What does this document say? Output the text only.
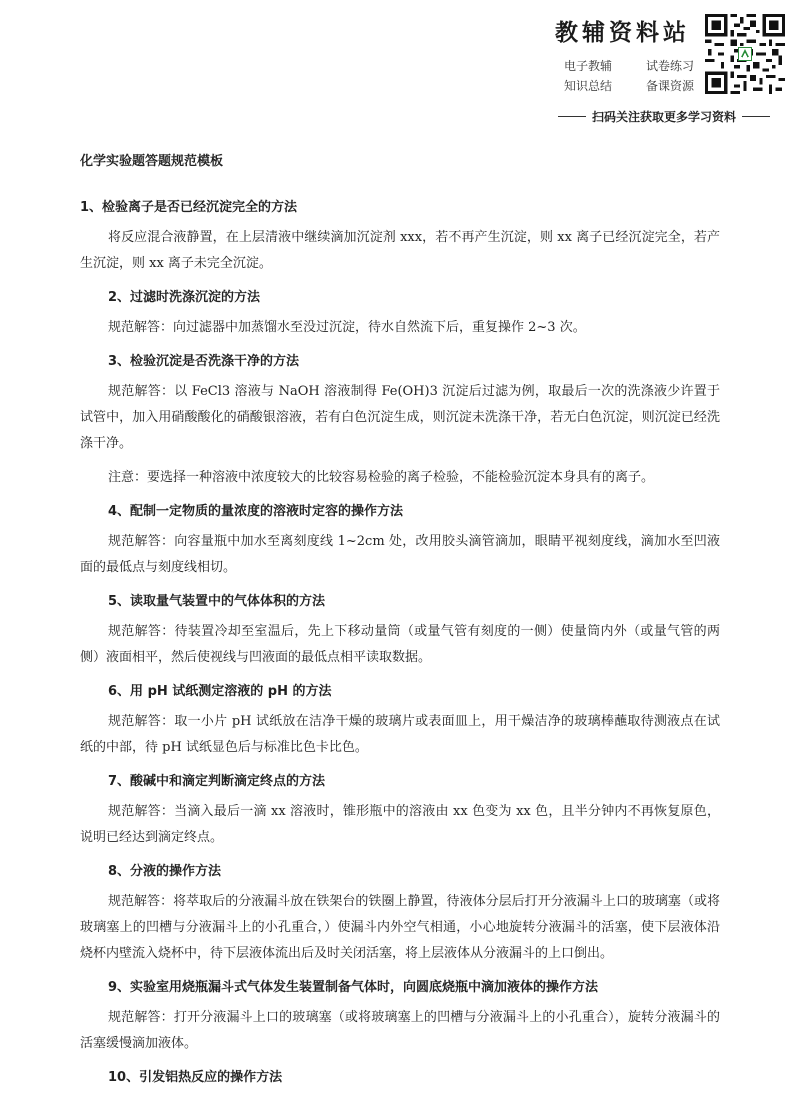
教辅资料站
电子教辅	试卷练习
知识总结	备课资源
扫码关注获取更多学习资料
化学实验题答题规范模板
1、检验离子是否已经沉淀完全的方法

将反应混合液静置，在上层清液中继续滴加沉淀剂 xxx，若不再产生沉淀，则 xx 离子已经沉淀完全，若产生沉淀，则 xx 离子未完全沉淀。

2、过滤时洗涤沉淀的方法

规范解答：向过滤器中加蒸馏水至没过沉淀，待水自然流下后，重复操作 2~3 次。

3、检验沉淀是否洗涤干净的方法

规范解答：以 FeCl3 溶液与 NaOH 溶液制得 Fe(OH)3 沉淀后过滤为例，取最后一次的洗涤液少许置于试管中，加入用硝酸酸化的硝酸银溶液，若有白色沉淀生成，则沉淀未洗涤干净，若无白色沉淀，则沉淀已经洗涤干净。

注意：要选择一种溶液中浓度较大的比较容易检验的离子检验，不能检验沉淀本身具有的离子。

4、配制一定物质的量浓度的溶液时定容的操作方法

规范解答：向容量瓶中加水至离刻度线 1~2cm 处，改用胶头滴管滴加，眼睛平视刻度线，滴加水至凹液面的最低点与刻度线相切。

5、读取量气装置中的气体体积的方法

规范解答：待装置冷却至室温后，先上下移动量筒（或量气管有刻度的一侧）使量筒内外（或量气管的两侧）液面相平，然后使视线与凹液面的最低点相平读取数据。

6、用 pH 试纸测定溶液的 pH 的方法

规范解答：取一小片 pH 试纸放在洁净干燥的玻璃片或表面皿上，用干燥洁净的玻璃棒蘸取待测液点在试纸的中部，待 pH 试纸显色后与标准比色卡比色。

7、酸碱中和滴定判断滴定终点的方法

规范解答：当滴入最后一滴 xx 溶液时，锥形瓶中的溶液由 xx 色变为 xx 色，且半分钟内不再恢复原色，说明已经达到滴定终点。

8、分液的操作方法

规范解答：将萃取后的分液漏斗放在铁架台的铁圈上静置，待液体分层后打开分液漏斗上口的玻璃塞（或将玻璃塞上的凹槽与分液漏斗上的小孔重合，）使漏斗内外空气相通，小心地旋转分液漏斗的活塞，使下层液体沿烧杯内壁流入烧杯中，待下层液体流出后及时关闭活塞，将上层液体从分液漏斗的上口倒出。

9、实验室用烧瓶漏斗式气体发生装置制备气体时，向圆底烧瓶中滴加液体的操作方法

规范解答：打开分液漏斗上口的玻璃塞（或将玻璃塞上的凹槽与分液漏斗上的小孔重合），旋转分液漏斗的活塞缓慢滴加液体。

10、引发铝热反应的操作方法
